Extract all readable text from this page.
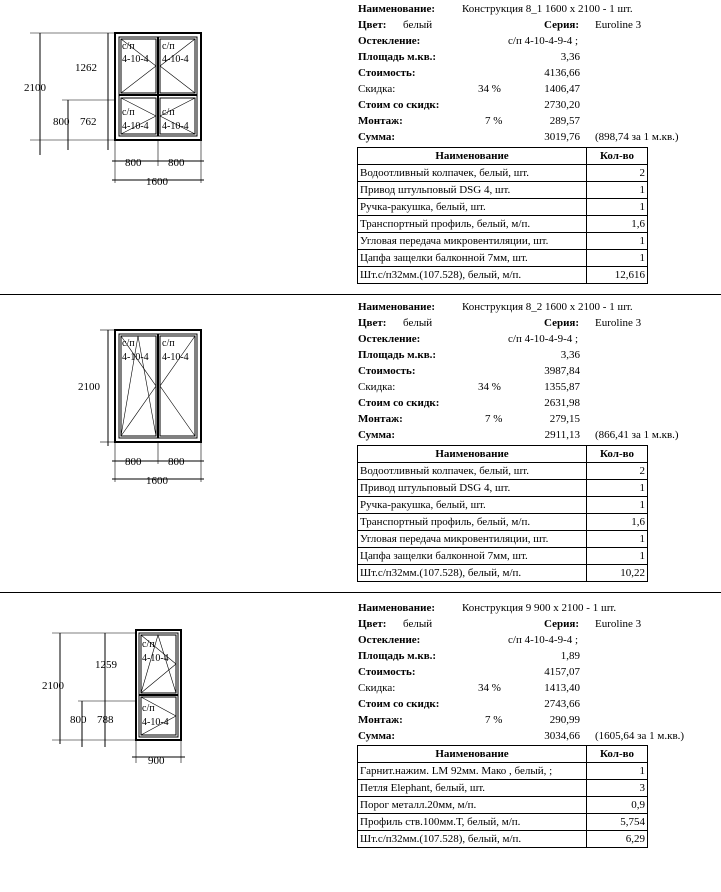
2100
1262
800 762
800 800
1600
с/п
4-10-4
с/п
4-10-4
с/п
4-10-4
с/п
4-10-4
Наименование: Конструкция 8_1 1600 x 2100 - 1 шт.
Цвет: белый	Серия: Euroline 3
Остекление:	с/п 4-10-4-9-4 ;
Площадь м.кв.:	3,36
Стоимость:	4136,66
Скидка:	34 %	1406,47
Стоим со скидк:	2730,20
Монтаж:	7 %	289,57
Сумма:	3019,76 (898,74 за 1 м.кв.)
Наименование	Кол-во
Водоотливный колпачек, белый, шт.	2
Привод штульповый DSG 4, шт.	1
Ручка-ракушка, белый, шт.	1
Транспортный профиль, белый, м/п.	1,6
Угловая передача микровентиляции, шт.	1
Цапфа защелки балконной 7мм, шт.	1
Шт.с/п32мм.(107.528), белый, м/п.	12,616
2100
800 800
1600
с/п
4-10-4
с/п
4-10-4
Наименование: Конструкция 8_2 1600 x 2100 - 1 шт.
Цвет: белый	Серия: Euroline 3
Остекление:	с/п 4-10-4-9-4 ;
Площадь м.кв.:	3,36
Стоимость:	3987,84
Скидка:	34 %	1355,87
Стоим со скидк:	2631,98
Монтаж:	7 %	279,15
Сумма:	2911,13 (866,41 за 1 м.кв.)
Наименование	Кол-во
Водоотливный колпачек, белый, шт.	2
Привод штульповый DSG 4, шт.	1
Ручка-ракушка, белый, шт.	1
Транспортный профиль, белый, м/п.	1,6
Угловая передача микровентиляции, шт.	1
Цапфа защелки балконной 7мм, шт.	1
Шт.с/п32мм.(107.528), белый, м/п.	10,22
2100
1259
800 788
900
с/п
4-10-4
с/п
4-10-4
Наименование: Конструкция 9 900 x 2100 - 1 шт.
Цвет: белый	Серия: Euroline 3
Остекление:	с/п 4-10-4-9-4 ;
Площадь м.кв.:	1,89
Стоимость:	4157,07
Скидка:	34 %	1413,40
Стоим со скидк:	2743,66
Монтаж:	7 %	290,99
Сумма:	3034,66 (1605,64 за 1 м.кв.)
Наименование	Кол-во
Гарнит.нажим. LM 92мм. Мако , белый, ;	1
Петля Elephant, белый, шт.	3
Порог металл.20мм, м/п.	0,9
Профиль ств.100мм.Т, белый, м/п.	5,754
Шт.с/п32мм.(107.528), белый, м/п.	6,29
